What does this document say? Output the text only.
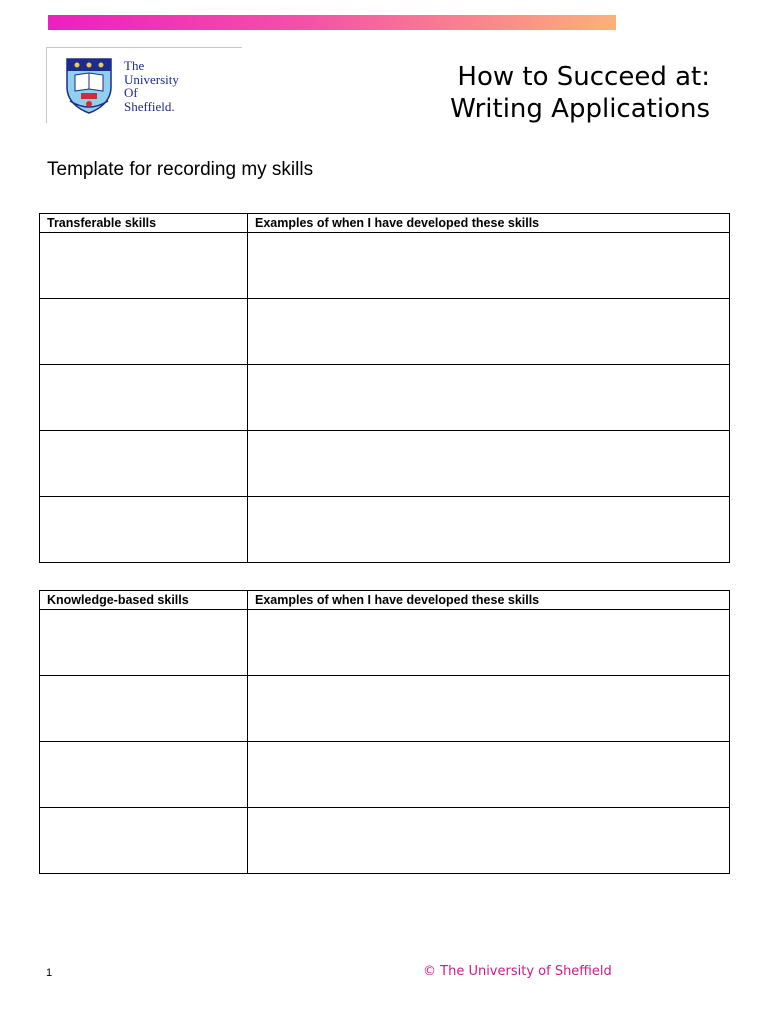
The
University
Of
Sheffield.
How to Succeed at:
Writing Applications
Template for recording my skills
Transferable skills	Examples of when I have developed these skills

Knowledge-based skills	Examples of when I have developed these skills

1	© The University of Sheffield
